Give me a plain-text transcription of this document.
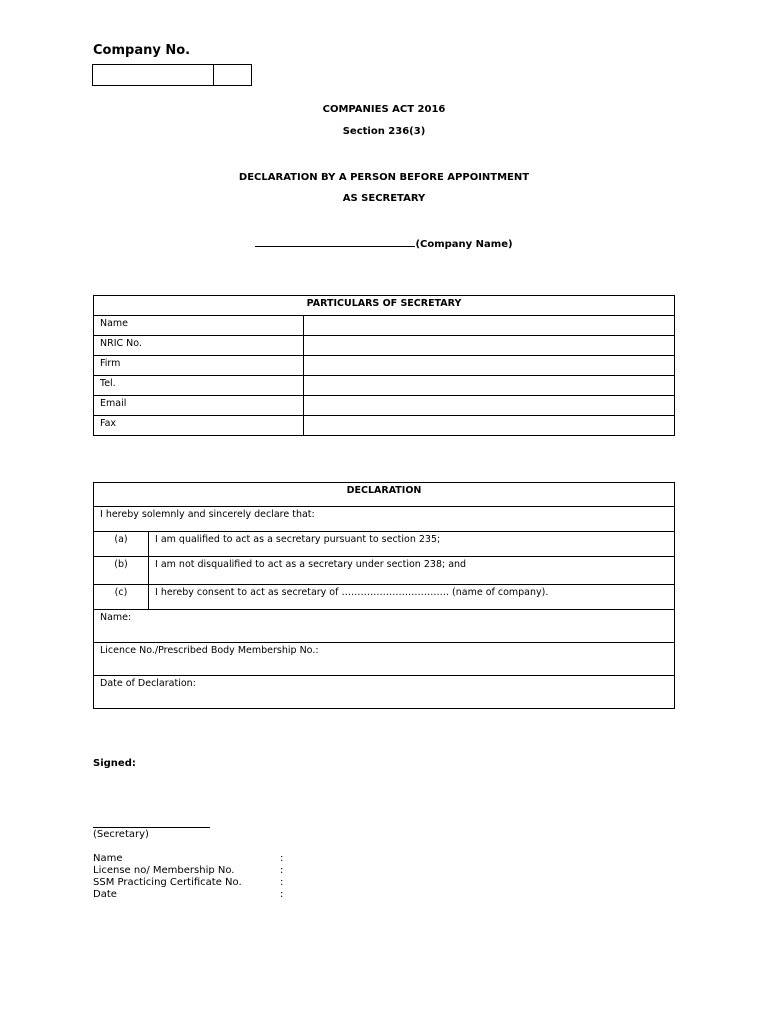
Company No.
COMPANIES ACT 2016
Section 236(3)
DECLARATION BY A PERSON BEFORE APPOINTMENT
AS SECRETARY
(Company Name)
PARTICULARS OF SECRETARY	
Name	
NRIC No.	
Firm	
Tel.	
Email	
Fax	
DECLARATION	
I hereby solemnly and sincerely declare that:	
(a)	I am qualified to act as a secretary pursuant to section 235;
(b)	I am not disqualified to act as a secretary under section 238; and
(c)	I hereby consent to act as secretary of ……………………………. (name of company).
Name:	
Licence No./Prescribed Body Membership No.:	
Date of Declaration:	
Signed:
(Secretary)
Name	:
License no/ Membership No.	:
SSM Practicing Certificate No.	:
Date	:
